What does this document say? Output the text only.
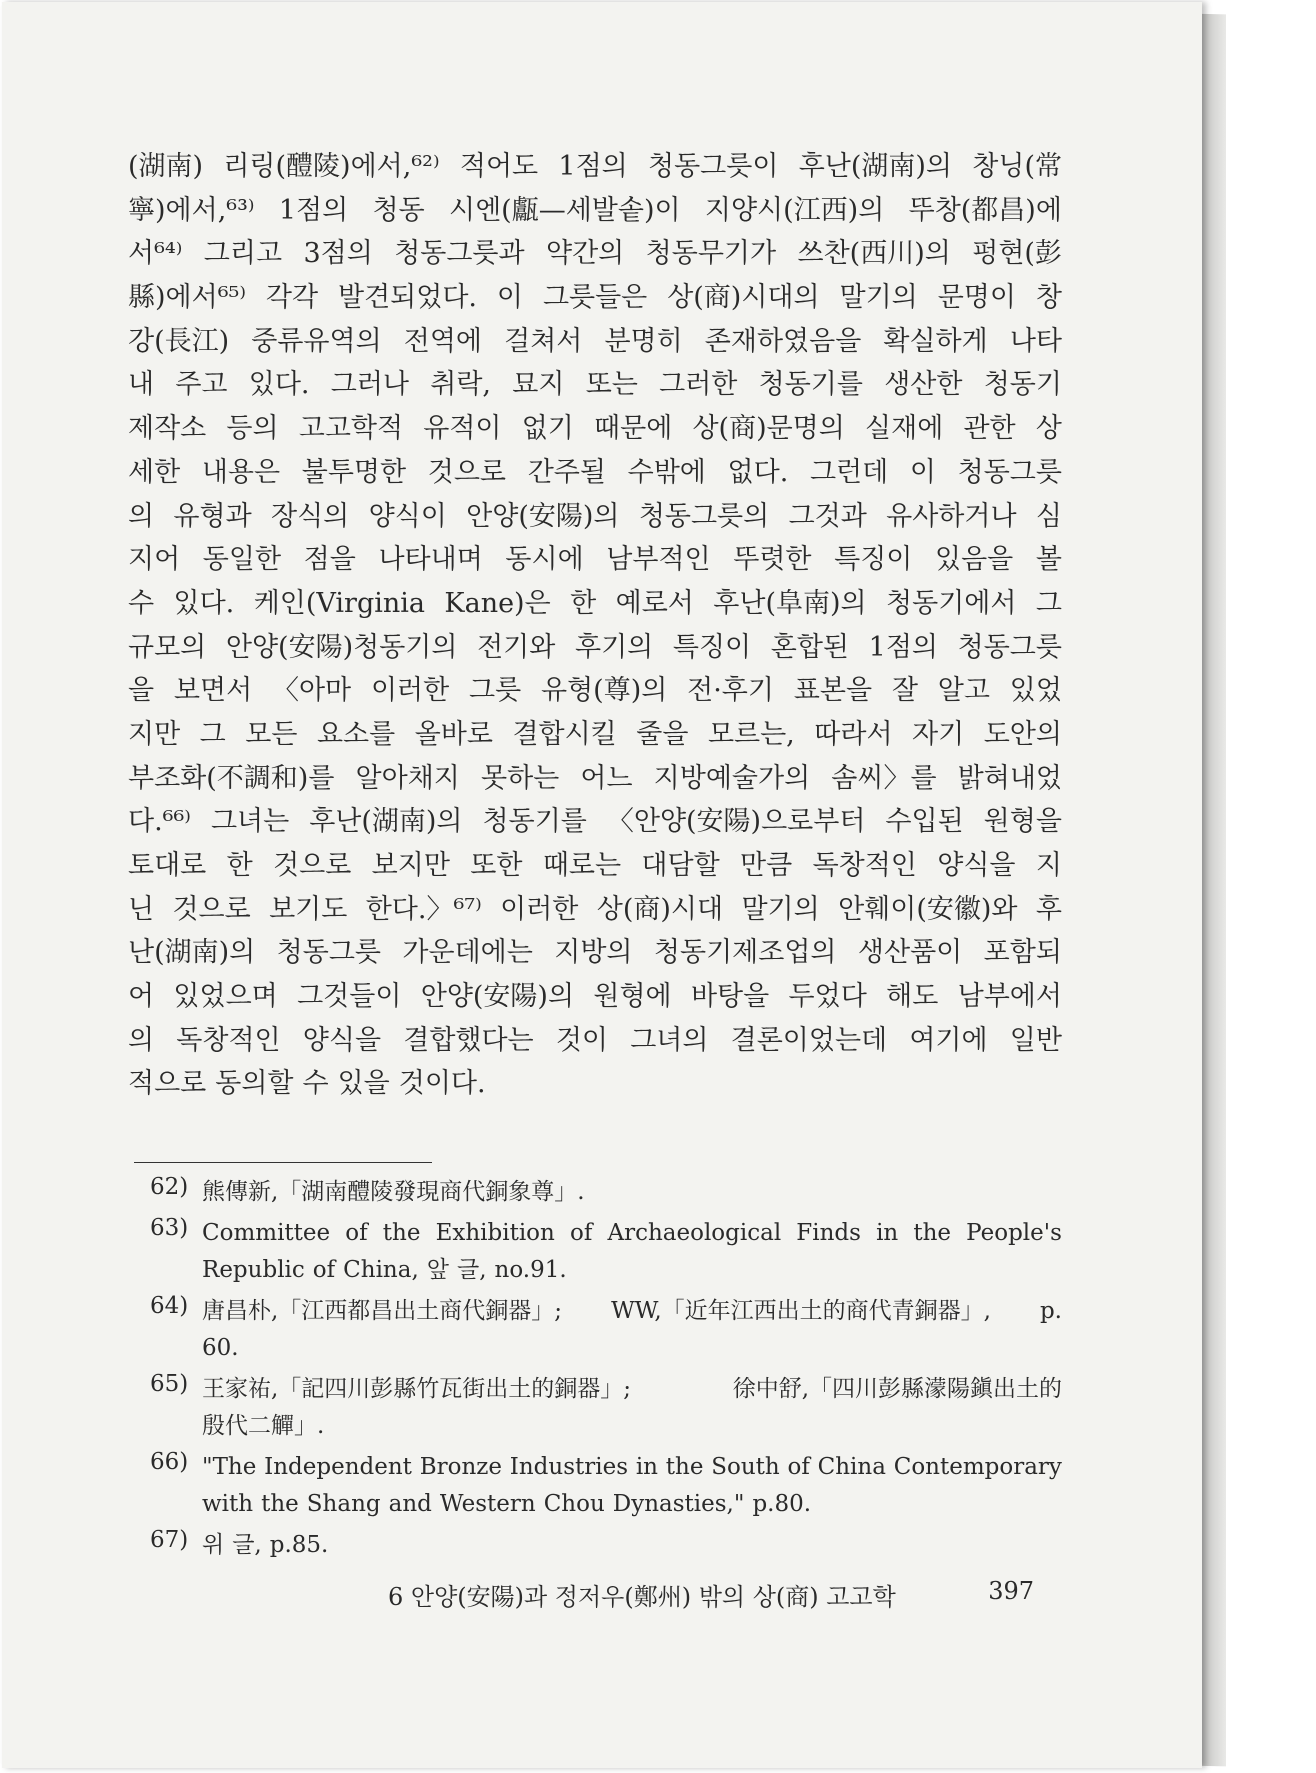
(湖南) 리링(醴陵)에서,⁶²⁾ 적어도 1점의 청동그릇이 후난(湖南)의 창닝(常
寧)에서,⁶³⁾ 1점의 청동 시엔(甗—세발솥)이 지양시(江西)의 뚜창(都昌)에
서⁶⁴⁾ 그리고 3점의 청동그릇과 약간의 청동무기가 쓰찬(西川)의 펑현(彭
縣)에서⁶⁵⁾ 각각 발견되었다. 이 그릇들은 상(商)시대의 말기의 문명이 창
강(長江) 중류유역의 전역에 걸쳐서 분명히 존재하였음을 확실하게 나타
내 주고 있다. 그러나 취락, 묘지 또는 그러한 청동기를 생산한 청동기
제작소 등의 고고학적 유적이 없기 때문에 상(商)문명의 실재에 관한 상
세한 내용은 불투명한 것으로 간주될 수밖에 없다. 그런데 이 청동그릇
의 유형과 장식의 양식이 안양(安陽)의 청동그릇의 그것과 유사하거나 심
지어 동일한 점을 나타내며 동시에 남부적인 뚜렷한 특징이 있음을 볼
수 있다. 케인(Virginia Kane)은 한 예로서 후난(阜南)의 청동기에서 그
규모의 안양(安陽)청동기의 전기와 후기의 특징이 혼합된 1점의 청동그릇
을 보면서 〈아마 이러한 그릇 유형(尊)의 전·후기 표본을 잘 알고 있었
지만 그 모든 요소를 올바로 결합시킬 줄을 모르는, 따라서 자기 도안의
부조화(不調和)를 알아채지 못하는 어느 지방예술가의 솜씨〉를 밝혀내었
다.⁶⁶⁾ 그녀는 후난(湖南)의 청동기를 〈안양(安陽)으로부터 수입된 원형을
토대로 한 것으로 보지만 또한 때로는 대담할 만큼 독창적인 양식을 지
닌 것으로 보기도 한다.〉⁶⁷⁾ 이러한 상(商)시대 말기의 안훼이(安徽)와 후
난(湖南)의 청동그릇 가운데에는 지방의 청동기제조업의 생산품이 포함되
어 있었으며 그것들이 안양(安陽)의 원형에 바탕을 두었다 해도 남부에서
의 독창적인 양식을 결합했다는 것이 그녀의 결론이었는데 여기에 일반
적으로 동의할 수 있을 것이다.
62) 熊傳新,「湖南醴陵發現商代銅象尊」.
63) Committee of the Exhibition of Archaeological Finds in the People's
Republic of China, 앞 글, no.91.
64) 唐昌朴,「江西都昌出土商代銅器」; WW,「近年江西出土的商代青銅器」, p.
60.
65) 王家祐,「記四川彭縣竹瓦街出土的銅器」;	徐中舒,「四川彭縣濛陽鎭出土的
殷代二觶」.
66) "The Independent Bronze Industries in the South of China Contemporary
with the Shang and Western Chou Dynasties," p.80.
67) 위 글, p.85.
6 안양(安陽)과 정저우(鄭州) 밖의 상(商) 고고학	397
